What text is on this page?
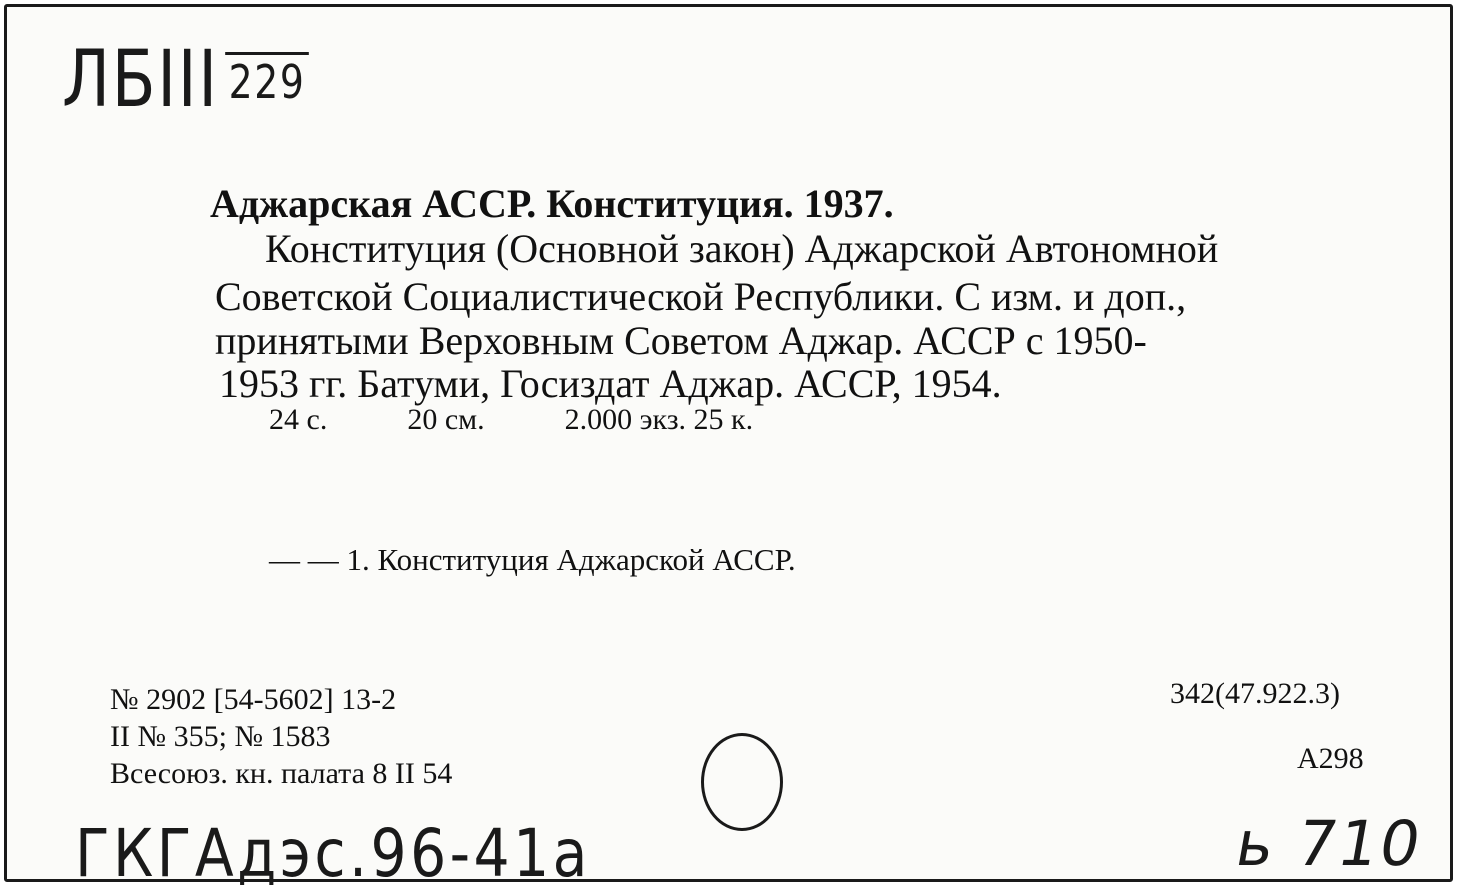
ЛБIII 229
Аджарская АССР. Конституция. 1937.
Конституция (Основной закон) Аджарской Автономной
Советской Социалистической Республики. С изм. и доп.,
принятыми Верховным Советом Аджар. АССР с 1950-
1953 гг. Батуми, Госиздат Аджар. АССР, 1954.
24 с.	20 см.	2.000 экз. 25 к.
— — 1. Конституция Аджарской АССР.
№ 2902 [54-5602] 13-2
II № 355; № 1583
Всесоюз. кн. палата 8 II 54
342(47.922.3)
А298
ГКГАдэс.96-41а	ь 710
